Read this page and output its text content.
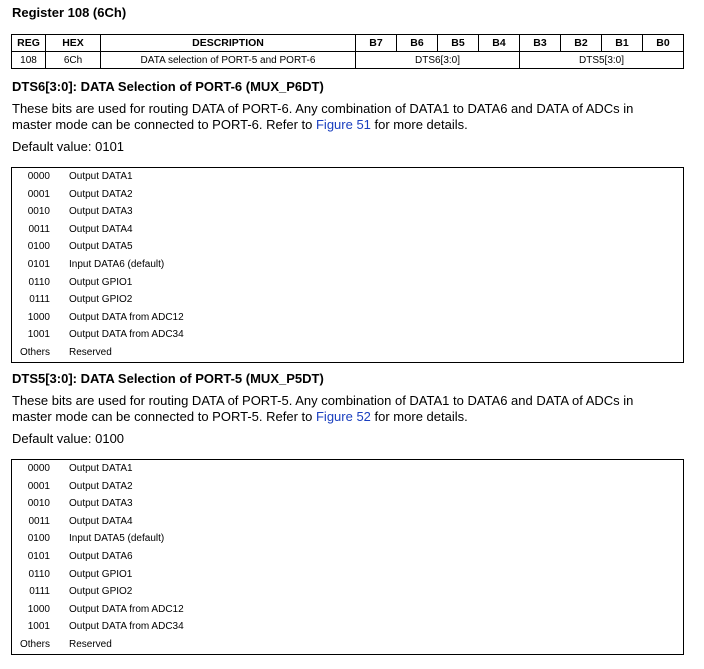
Register 108 (6Ch)
REG	HEX	DESCRIPTION	B7	B6	B5	B4	B3	B2	B1	B0
108	6Ch	DATA selection of PORT-5 and PORT-6	DTS6[3:0]				DTS5[3:0]			
DTS6[3:0]: DATA Selection of PORT-6 (MUX_P6DT)
These bits are used for routing DATA of PORT-6. Any combination of DATA1 to DATA6 and DATA of ADCs in
master mode can be connected to PORT-6. Refer to Figure 51 for more details.
Default value: 0101
0000 Output DATA1
0001 Output DATA2
0010 Output DATA3
0011 Output DATA4
0100 Output DATA5
0101 Input DATA6 (default)
0110 Output GPIO1
0111 Output GPIO2
1000 Output DATA from ADC12
1001 Output DATA from ADC34
Others Reserved
DTS5[3:0]: DATA Selection of PORT-5 (MUX_P5DT)
These bits are used for routing DATA of PORT-5. Any combination of DATA1 to DATA6 and DATA of ADCs in
master mode can be connected to PORT-5. Refer to Figure 52 for more details.
Default value: 0100
0000 Output DATA1
0001 Output DATA2
0010 Output DATA3
0011 Output DATA4
0100 Input DATA5 (default)
0101 Output DATA6
0110 Output GPIO1
0111 Output GPIO2
1000 Output DATA from ADC12
1001 Output DATA from ADC34
Others Reserved
